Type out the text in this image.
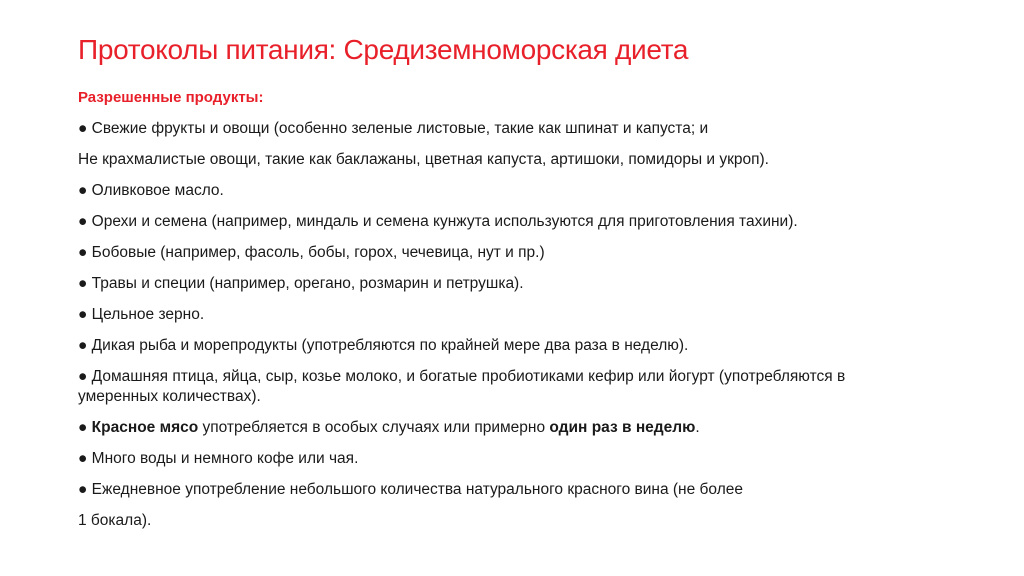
Протоколы питания: Средиземноморская диета
Разрешенные продукты:
● Свежие фрукты и овощи (особенно зеленые листовые, такие как шпинат и капуста; и
Не крахмалистые овощи, такие как баклажаны, цветная капуста, артишоки, помидоры и укроп).
● Оливковое масло.
● Орехи и семена (например, миндаль и семена кунжута используются для приготовления тахини).
● Бобовые (например, фасоль, бобы, горох, чечевица, нут и пр.)
● Травы и специи (например, орегано, розмарин и петрушка).
● Цельное зерно.
● Дикая рыба и морепродукты (употребляются по крайней мере два раза в неделю).
● Домашняя птица, яйца, сыр, козье молоко, и богатые пробиотиками кефир или йогурт (употребляются в умеренных количествах).
● Красное мясо употребляется в особых случаях или примерно один раз в неделю.
● Много воды и немного кофе или чая.
● Ежедневное употребление небольшого количества натурального красного вина (не более
1 бокала).
